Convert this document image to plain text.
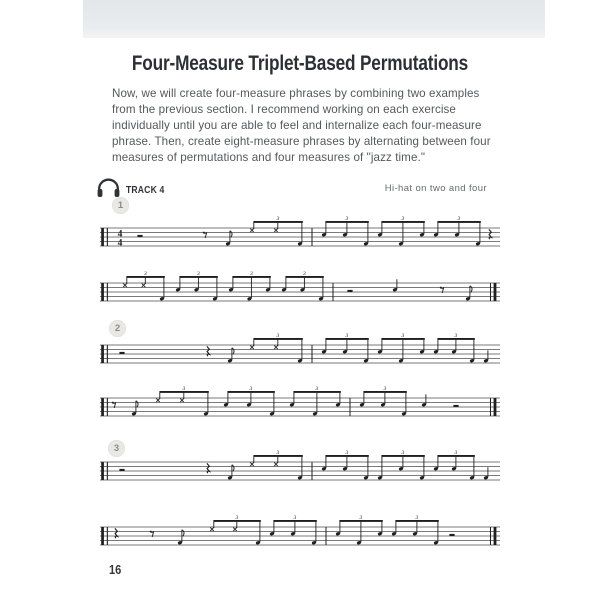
Four-Measure Triplet-Based Permutations
Now, we will create four-measure phrases by combining two examples
from the previous section. I recommend working on each exercise
individually until you are able to feel and internalize each four-measure
phrase. Then, create eight-measure phrases by alternating between four
measures of permutations and four measures of "jazz time."
TRACK 4	Hi-hat on two and four
1
2
3
4
4
3	3	3	3
3	3	3	3
3	3	3	3
3	3	3	3
3	3	3	3
3	3	3	3
16
